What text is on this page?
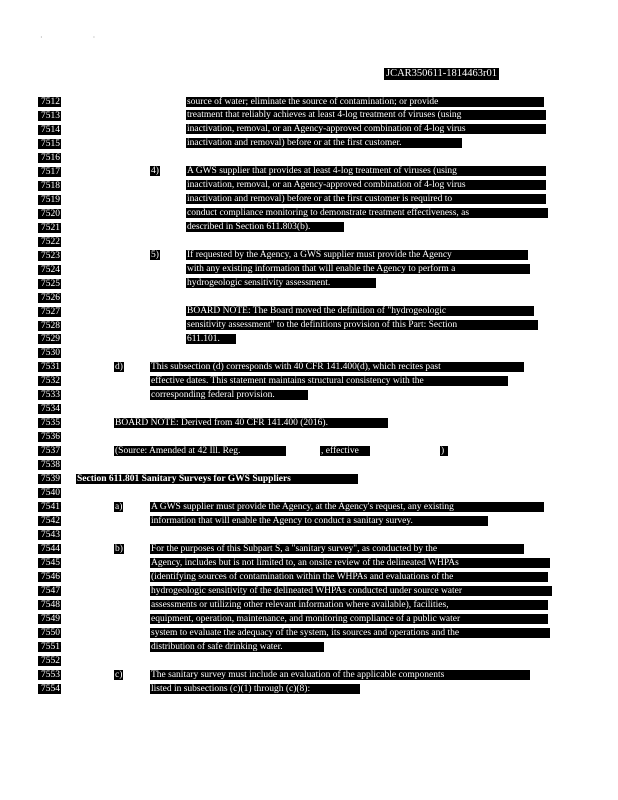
· ·
JCAR350611-1814463r01
7512
7513
7514
7515
7516
7517
7518
7519
7520
7521
7522
7523
7524
7525
7526
7527
7528
7529
7530
7531
7532
7533
7534
7535
7536
7537
7538
7539
7540
7541
7542
7543
7544
7545
7546
7547
7548
7549
7550
7551
7552
7553
7554
source of water; eliminate the source of contamination; or provide
treatment that reliably achieves at least 4-log treatment of viruses (using
inactivation, removal, or an Agency-approved combination of 4-log virus
inactivation and removal) before or at the first customer.
4)	A GWS supplier that provides at least 4-log treatment of viruses (using
inactivation, removal, or an Agency-approved combination of 4-log virus
inactivation and removal) before or at the first customer is required to
conduct compliance monitoring to demonstrate treatment effectiveness, as
described in Section 611.803(b).
5)	If requested by the Agency, a GWS supplier must provide the Agency
with any existing information that will enable the Agency to perform a
hydrogeologic sensitivity assessment.
BOARD NOTE: The Board moved the definition of "hydrogeologic
sensitivity assessment" to the definitions provision of this Part: Section
611.101.
d)	This subsection (d) corresponds with 40 CFR 141.400(d), which recites past
effective dates. This statement maintains structural consistency with the
corresponding federal provision.
BOARD NOTE: Derived from 40 CFR 141.400 (2016).
(Source: Amended at 42 Ill. Reg.	, effective	)
Section 611.801 Sanitary Surveys for GWS Suppliers
a)	A GWS supplier must provide the Agency, at the Agency's request, any existing
information that will enable the Agency to conduct a sanitary survey.
b)	For the purposes of this Subpart S, a "sanitary survey", as conducted by the
Agency, includes but is not limited to, an onsite review of the delineated WHPAs
(identifying sources of contamination within the WHPAs and evaluations of the
hydrogeologic sensitivity of the delineated WHPAs conducted under source water
assessments or utilizing other relevant information where available), facilities,
equipment, operation, maintenance, and monitoring compliance of a public water
system to evaluate the adequacy of the system, its sources and operations and the
distribution of safe drinking water.
c)	The sanitary survey must include an evaluation of the applicable components
listed in subsections (c)(1) through (c)(8):
